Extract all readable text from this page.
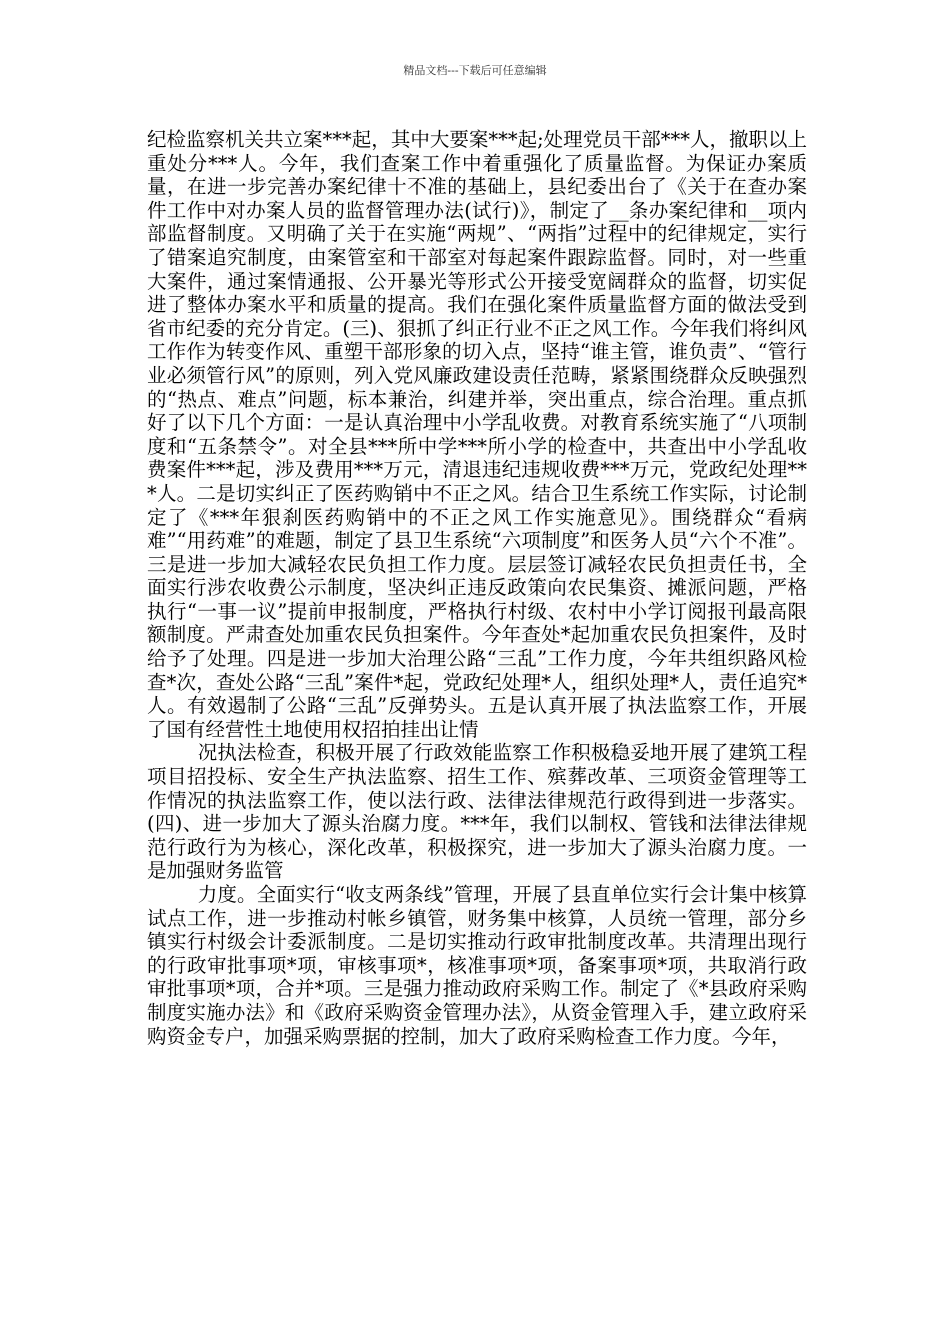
精品文档---下载后可任意编辑

纪检监察机关共立案***起，其中大要案***起;处理党员干部***人，撤职以上重处分***人。今年，我们查案工作中着重强化了质量监督。为保证办案质量，在进一步完善办案纪律十不准的基础上，县纪委出台了《关于在查办案件工作中对办案人员的监督管理办法(试行)》，制定了__条办案纪律和__项内部监督制度。又明确了关于在实施“两规”、“两指”过程中的纪律规定，实行了错案追究制度，由案管室和干部室对每起案件跟踪监督。同时，对一些重大案件，通过案情通报、公开暴光等形式公开接受宽阔群众的监督，切实促进了整体办案水平和质量的提高。我们在强化案件质量监督方面的做法受到省市纪委的充分肯定。(三)、狠抓了纠正行业不正之风工作。今年我们将纠风工作作为转变作风、重塑干部形象的切入点，坚持“谁主管，谁负责”、“管行业必须管行风”的原则，列入党风廉政建设责任范畴，紧紧围绕群众反映强烈的“热点、难点”问题，标本兼治，纠建并举，突出重点，综合治理。重点抓好了以下几个方面：一是认真治理中小学乱收费。对教育系统实施了“八项制度和“五条禁令”。对全县***所中学***所小学的检查中，共查出中小学乱收费案件***起，涉及费用***万元，清退违纪违规收费***万元，党政纪处理***人。二是切实纠正了医药购销中不正之风。结合卫生系统工作实际，讨论制定了《***年狠刹医药购销中的不正之风工作实施意见》。围绕群众“看病难”“用药难”的难题，制定了县卫生系统“六项制度”和医务人员“六个不准”。三是进一步加大减轻农民负担工作力度。层层签订减轻农民负担责任书，全面实行涉农收费公示制度，坚决纠正违反政策向农民集资、摊派问题，严格执行“一事一议”提前申报制度，严格执行村级、农村中小学订阅报刊最高限额制度。严肃查处加重农民负担案件。今年查处*起加重农民负担案件，及时给予了处理。四是进一步加大治理公路“三乱”工作力度，今年共组织路风检查*次，查处公路“三乱”案件*起，党政纪处理*人，组织处理*人，责任追究*人。有效遏制了公路“三乱”反弹势头。五是认真开展了执法监察工作，开展了国有经营性土地使用权招拍挂出让情

况执法检查，积极开展了行政效能监察工作积极稳妥地开展了建筑工程项目招投标、安全生产执法监察、招生工作、殡葬改革、三项资金管理等工作情况的执法监察工作，使以法行政、法律法律规范行政得到进一步落实。(四)、进一步加大了源头治腐力度。***年，我们以制权、管钱和法律法律规范行政行为为核心，深化改革，积极探究，进一步加大了源头治腐力度。一是加强财务监管

力度。全面实行“收支两条线”管理，开展了县直单位实行会计集中核算试点工作，进一步推动村帐乡镇管，财务集中核算，人员统一管理，部分乡镇实行村级会计委派制度。二是切实推动行政审批制度改革。共清理出现行的行政审批事项*项，审核事项*，核准事项*项，备案事项*项，共取消行政审批事项*项，合并*项。三是强力推动政府采购工作。制定了《*县政府采购制度实施办法》和《政府采购资金管理办法》，从资金管理入手，建立政府采购资金专户，加强采购票据的控制，加大了政府采购检查工作力度。今年，
